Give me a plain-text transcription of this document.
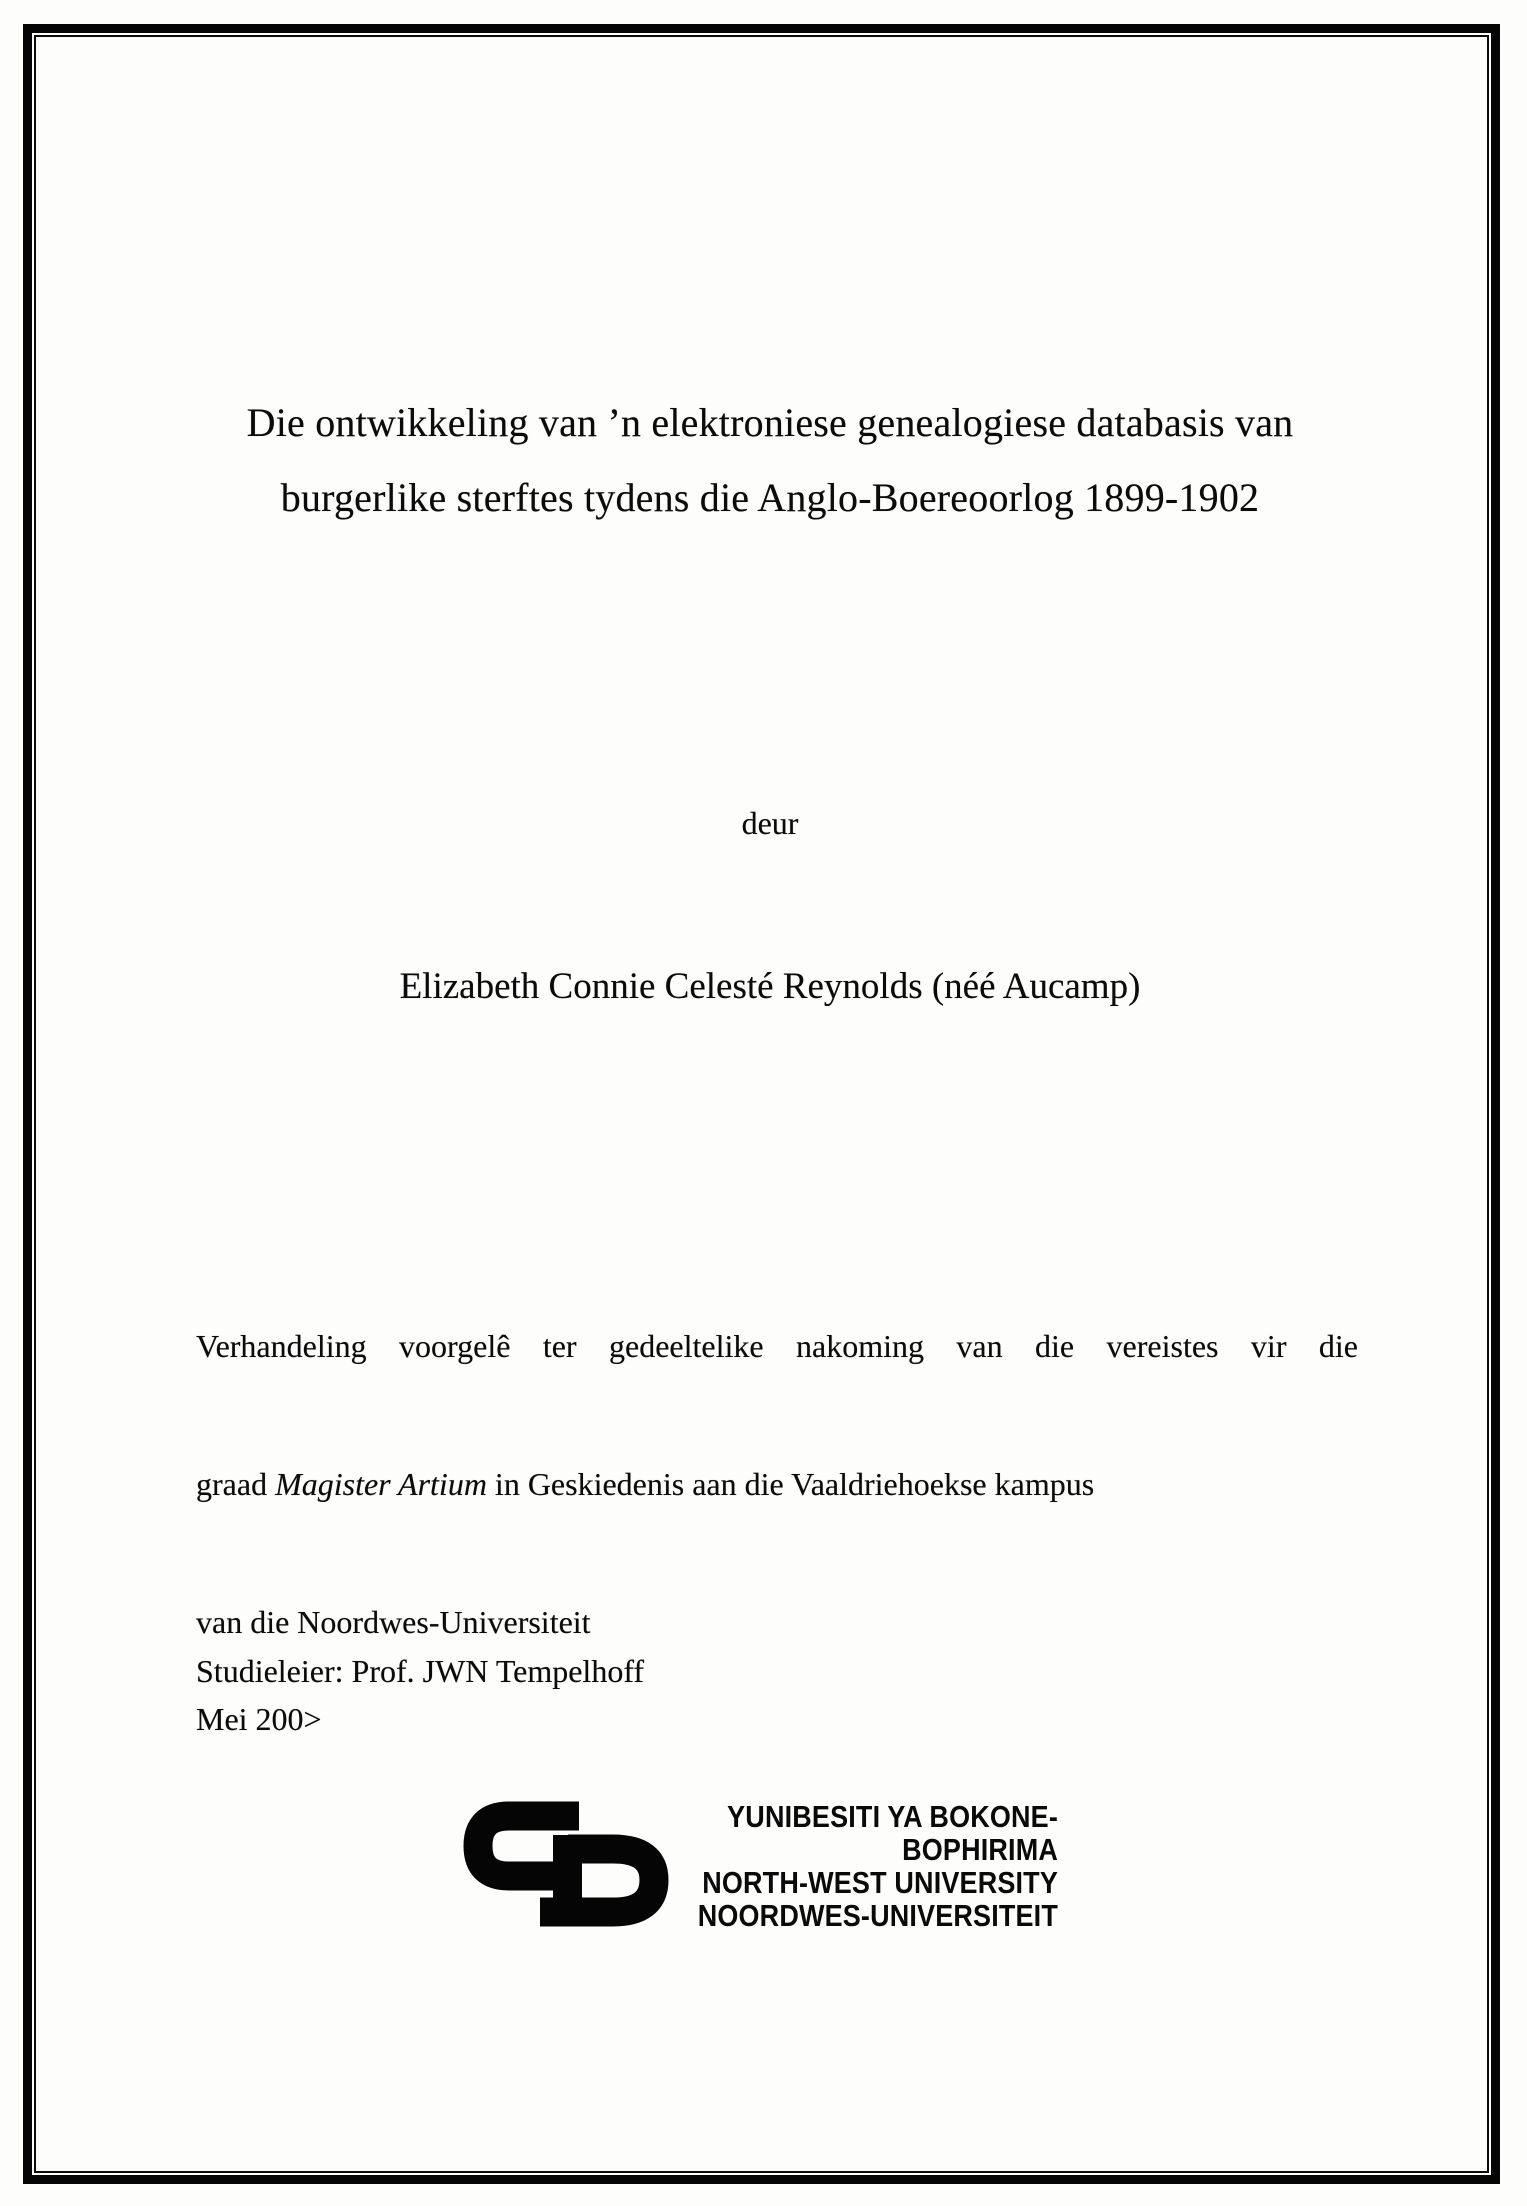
Die ontwikkeling van ’n elektroniese genealogiese databasis van
burgerlike sterftes tydens die Anglo-Boereoorlog 1899-1902
deur
Elizabeth Connie Celesté Reynolds (néé Aucamp)

Verhandeling voorgelê ter gedeeltelike nakoming van die vereistes vir die

graad Magister Artium in Geskiedenis aan die Vaaldriehoekse kampus

van die Noordwes-Universiteit

Studieleier: Prof. JWN Tempelhoff
Mei 200>
YUNIBESITI YA BOKONE-BOPHIRIMA
NORTH-WEST UNIVERSITY
NOORDWES-UNIVERSITEIT
